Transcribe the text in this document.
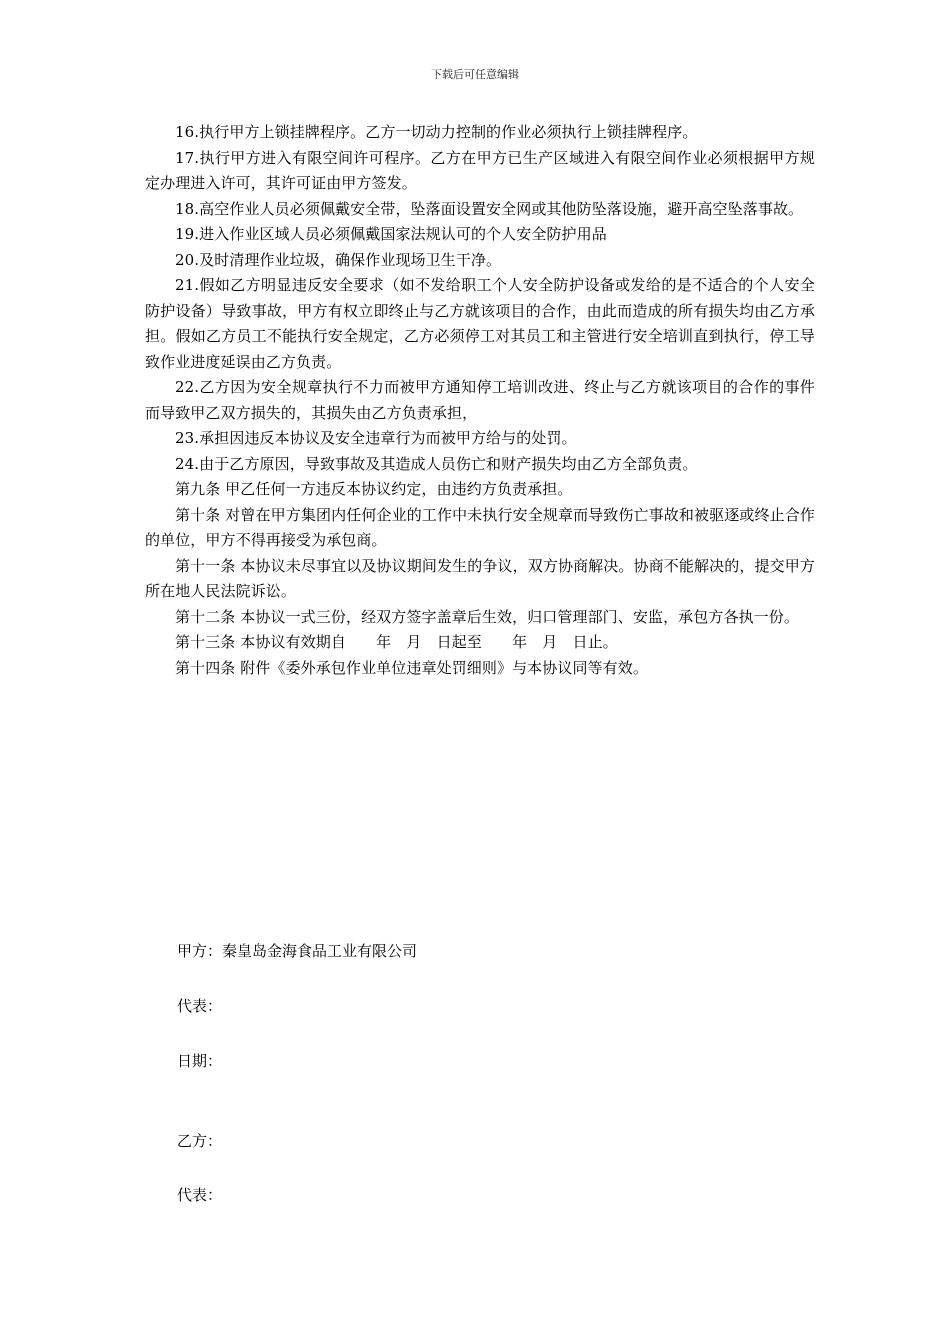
下载后可任意编辑

16.执行甲方上锁挂牌程序。乙方一切动力控制的作业必须执行上锁挂牌程序。

17.执行甲方进入有限空间许可程序。乙方在甲方已生产区域进入有限空间作业必须根据甲方规定办理进入许可，其许可证由甲方签发。

18.高空作业人员必须佩戴安全带，坠落面设置安全网或其他防坠落设施，避开高空坠落事故。

19.进入作业区域人员必须佩戴国家法规认可的个人安全防护用品

20.及时清理作业垃圾，确保作业现场卫生干净。

21.假如乙方明显违反安全要求（如不发给职工个人安全防护设备或发给的是不适合的个人安全防护设备）导致事故，甲方有权立即终止与乙方就该项目的合作，由此而造成的所有损失均由乙方承担。假如乙方员工不能执行安全规定，乙方必须停工对其员工和主管进行安全培训直到执行，停工导致作业进度延误由乙方负责。

22.乙方因为安全规章执行不力而被甲方通知停工培训改进、终止与乙方就该项目的合作的事件而导致甲乙双方损失的，其损失由乙方负责承担，

23.承担因违反本协议及安全违章行为而被甲方给与的处罚。

24.由于乙方原因，导致事故及其造成人员伤亡和财产损失均由乙方全部负责。

第九条 甲乙任何一方违反本协议约定，由违约方负责承担。

第十条 对曾在甲方集团内任何企业的工作中未执行安全规章而导致伤亡事故和被驱逐或终止合作的单位，甲方不得再接受为承包商。

第十一条 本协议未尽事宜以及协议期间发生的争议，双方协商解决。协商不能解决的，提交甲方所在地人民法院诉讼。

第十二条 本协议一式三份，经双方签字盖章后生效，归口管理部门、安监，承包方各执一份。

第十三条 本协议有效期自　　年　月　日起至　　年　月　日止。

第十四条 附件《委外承包作业单位违章处罚细则》与本协议同等有效。

甲方：秦皇岛金海食品工业有限公司
代表：
日期：
乙方：
代表：
